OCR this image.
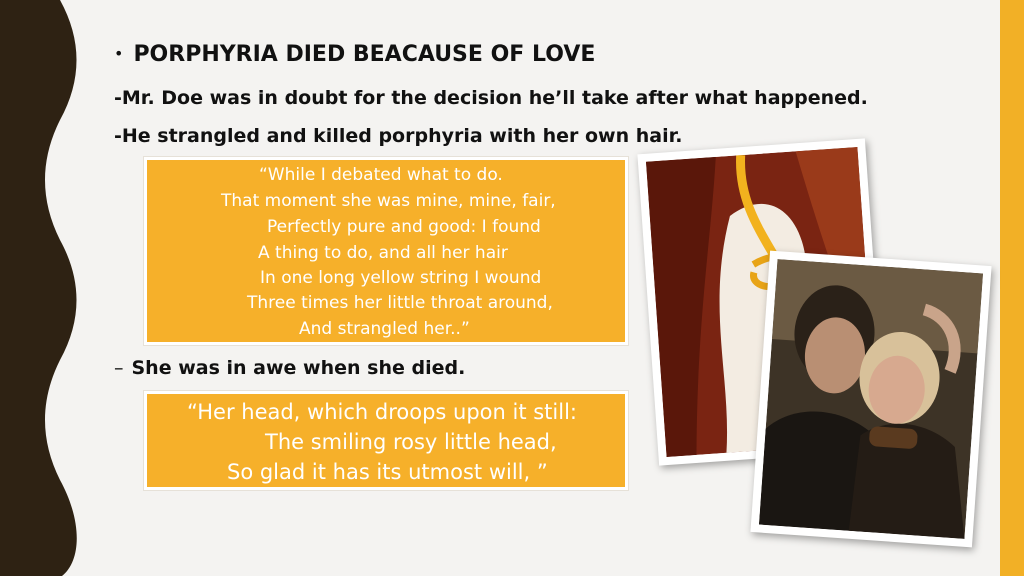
• PORPHYRIA DIED BEACAUSE OF LOVE
-Mr. Doe was in doubt for the decision he’ll take after what happened.
-He strangled and killed porphyria with her own hair.
“While I debated what to do.
That moment she was mine, mine, fair,
Perfectly pure and good: I found
A thing to do, and all her hair
In one long yellow string I wound
Three times her little throat around,
And strangled her..”
– She was in awe when she died.
“Her head, which droops upon it still:
The smiling rosy little head,
So glad it has its utmost will, ”
